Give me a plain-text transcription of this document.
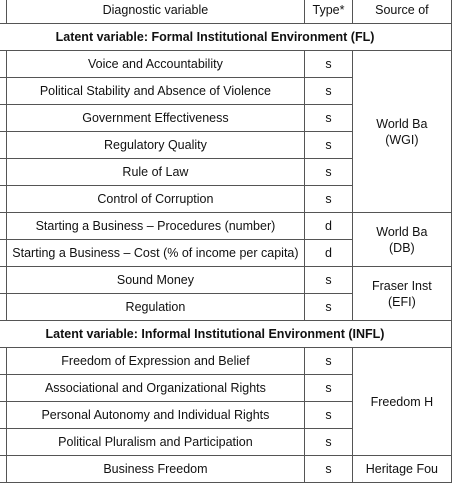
	Diagnostic variable	Type*	Source of
Latent variable: Formal Institutional Environment (FL)			
	Voice and Accountability	s	World Ba
(WGI)
	Political Stability and Absence of Violence	s	
	Government Effectiveness	s	
	Regulatory Quality	s	
	Rule of Law	s	
	Control of Corruption	s	
	Starting a Business – Procedures (number)	d	World Ba
(DB)
	Starting a Business – Cost (% of income per capita)	d	
	Sound Money	s	Fraser Inst
(EFI)
	Regulation	s	
Latent variable: Informal Institutional Environment (INFL)			
	Freedom of Expression and Belief	s	Freedom H
	Associational and Organizational Rights	s	
	Personal Autonomy and Individual Rights	s	
	Political Pluralism and Participation	s	
	Business Freedom	s	Heritage Fou
